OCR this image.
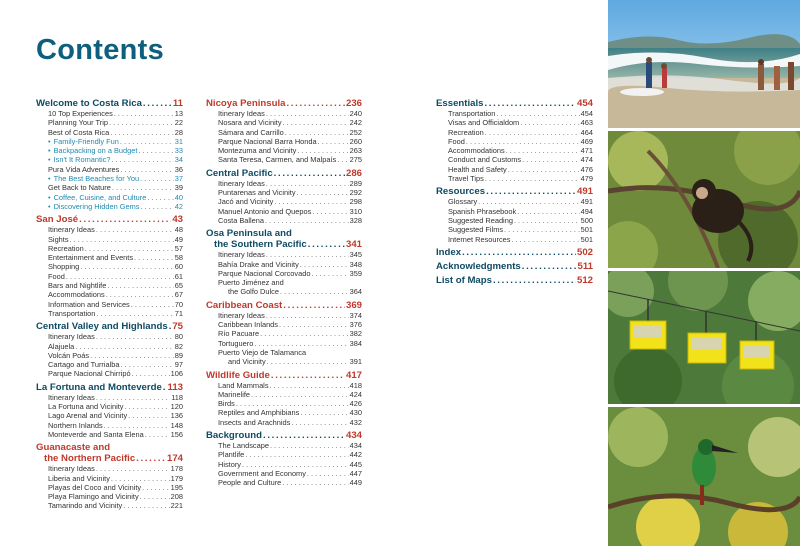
Contents
Welcome to Costa Rica . . .	11
10 Top Experiences . . .	13
Planning Your Trip . . .	22
Best of Costa Rica . . .	28
• Family-Friendly Fun . . .	31
• Backpacking on a Budget . . .	33
• Isn't It Romantic? . . .	34
Pura Vida Adventures . . .	36
• The Best Beaches for You . . .	37
Get Back to Nature . . .	39
• Coffee, Cuisine, and Culture . . .	40
• Discovering Hidden Gems . . .	42
San José . . .	43
Itinerary Ideas . . .	48
Sights . . .	49
Recreation . . .	57
Entertainment and Events . . .	58
Shopping . . .	60
Food . . .	61
Bars and Nightlife . . .	65
Accommodations . . .	67
Information and Services . . .	70
Transportation . . .	71
Central Valley and Highlands . . . 75
Itinerary Ideas . . .	80
Alajuela . . .	82
Volcán Poás . . .	89
Cartago and Turrialba . . .	97
Parque Nacional Chirripó . . .	106
La Fortuna and Monteverde . . . 113
Itinerary Ideas . . .	118
La Fortuna and Vicinity . . .	120
Lago Arenal and Vicinity . . .	136
Northern Inlands . . .	148
Monteverde and Santa Elena . . .	156
Guanacaste and
the Northern Pacific . . .	174
Itinerary Ideas . . .	178
Liberia and Vicinity . . .	179
Playas del Coco and Vicinity . . .	195
Playa Flamingo and Vicinity . . .	208
Tamarindo and Vicinity . . .	221
Nicoya Peninsula . . .	236
Itinerary Ideas . . .	240
Nosara and Vicinity . . .	242
Sámara and Carrillo . . .	252
Parque Nacional Barra Honda . . .	260
Montezuma and Vicinity . . .	263
Santa Teresa, Carmen, and Malpaís . . . 275
Central Pacific . . .	286
Itinerary Ideas . . .	289
Puntarenas and Vicinity . . .	292
Jacó and Vicinity . . .	298
Manuel Antonio and Quepos . . .	310
Costa Ballena . . .	328
Osa Peninsula and
the Southern Pacific . . .	341
Itinerary Ideas . . .	345
Bahía Drake and Vicinity . . .	348
Parque Nacional Corcovado . . .	359
Puerto Jiménez and
the Golfo Dulce . . .	364
Caribbean Coast . . .	369
Itinerary Ideas . . .	374
Caribbean Inlands . . .	376
Río Pacuare . . .	382
Tortuguero . . .	384
Puerto Viejo de Talamanca
and Vicinity . . .	391
Wildlife Guide . . .	417
Land Mammals . . .	418
Marinelife . . .	424
Birds . . .	426
Reptiles and Amphibians . . .	430
Insects and Arachnids . . .	432
Background . . .	434
The Landscape . . .	434
Plantlife . . .	442
History . . .	445
Government and Economy . . .	447
People and Culture . . .	449
Essentials . . .	454
Transportation . . .	454
Visas and Officialdom . . .	463
Recreation . . .	464
Food . . .	469
Accommodations . . .	471
Conduct and Customs . . .	474
Health and Safety . . .	476
Travel Tips . . .	479
Resources . . .	491
Glossary . . .	491
Spanish Phrasebook . . .	494
Suggested Reading . . .	500
Suggested Films . . .	501
Internet Resources . . .	501
Index . . .	502
Acknowledgments . . .	511
List of Maps . . .	512
